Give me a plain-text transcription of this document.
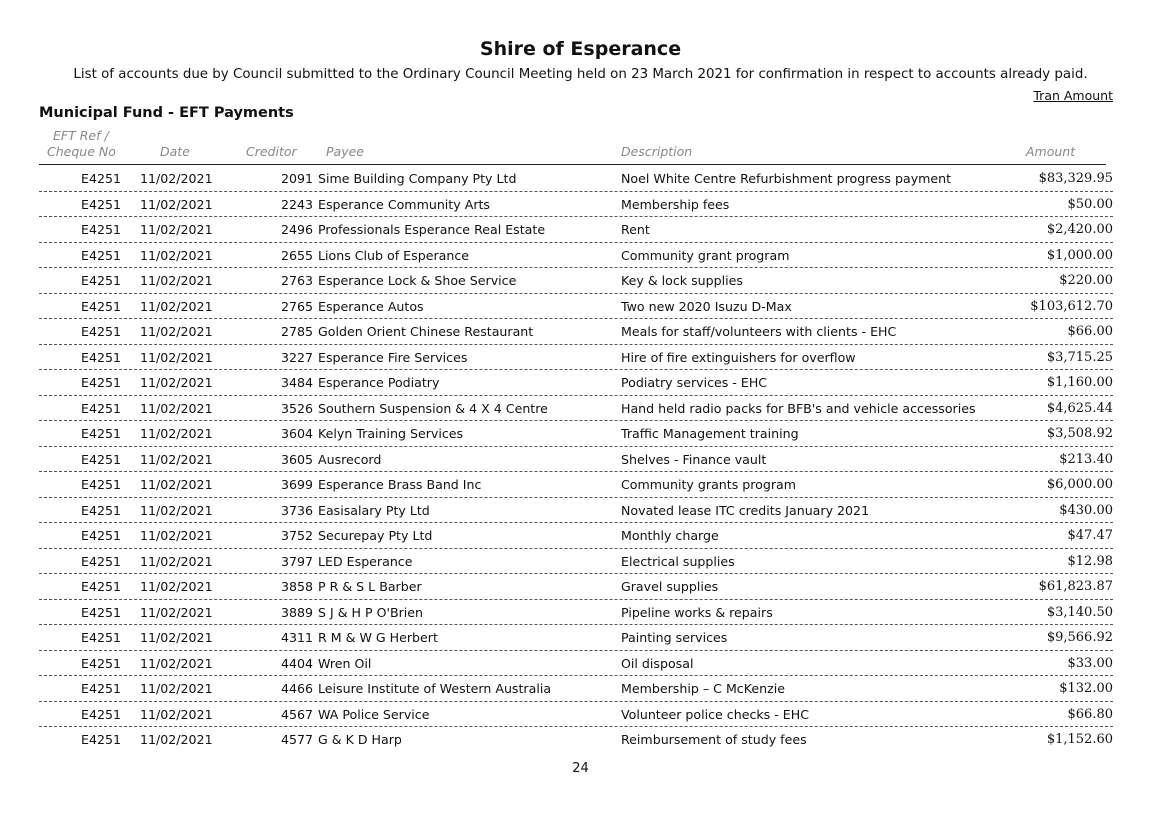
Shire of Esperance
List of accounts due by Council submitted to the Ordinary Council Meeting held on 23 March 2021 for confirmation in respect to accounts already paid.
Tran Amount
Municipal Fund - EFT Payments
EFT Ref /
Cheque No	Date	Creditor Payee	Description	Amount
E4251 11/02/2021	2091 Sime Building Company Pty Ltd	Noel White Centre Refurbishment progress payment	$83,329.95
E4251 11/02/2021	2243 Esperance Community Arts	Membership fees	$50.00
E4251 11/02/2021	2496 Professionals Esperance Real Estate	Rent	$2,420.00
E4251 11/02/2021	2655 Lions Club of Esperance	Community grant program	$1,000.00
E4251 11/02/2021	2763 Esperance Lock & Shoe Service	Key & lock supplies	$220.00
E4251 11/02/2021	2765 Esperance Autos	Two new 2020 Isuzu D-Max	$103,612.70
E4251 11/02/2021	2785 Golden Orient Chinese Restaurant	Meals for staff/volunteers with clients - EHC	$66.00
E4251 11/02/2021	3227 Esperance Fire Services	Hire of fire extinguishers for overflow	$3,715.25
E4251 11/02/2021	3484 Esperance Podiatry	Podiatry services - EHC	$1,160.00
E4251 11/02/2021	3526 Southern Suspension & 4 X 4 Centre	Hand held radio packs for BFB's and vehicle accessories	$4,625.44
E4251 11/02/2021	3604 Kelyn Training Services	Traffic Management training	$3,508.92
E4251 11/02/2021	3605 Ausrecord	Shelves - Finance vault	$213.40
E4251 11/02/2021	3699 Esperance Brass Band Inc	Community grants program	$6,000.00
E4251 11/02/2021	3736 Easisalary Pty Ltd	Novated lease ITC credits January 2021	$430.00
E4251 11/02/2021	3752 Securepay Pty Ltd	Monthly charge	$47.47
E4251 11/02/2021	3797 LED Esperance	Electrical supplies	$12.98
E4251 11/02/2021	3858 P R & S L Barber	Gravel supplies	$61,823.87
E4251 11/02/2021	3889 S J & H P O'Brien	Pipeline works & repairs	$3,140.50
E4251 11/02/2021	4311 R M & W G Herbert	Painting services	$9,566.92
E4251 11/02/2021	4404 Wren Oil	Oil disposal	$33.00
E4251 11/02/2021	4466 Leisure Institute of Western Australia	Membership – C McKenzie	$132.00
E4251 11/02/2021	4567 WA Police Service	Volunteer police checks - EHC	$66.80
E4251 11/02/2021	4577 G & K D Harp	Reimbursement of study fees	$1,152.60
24
